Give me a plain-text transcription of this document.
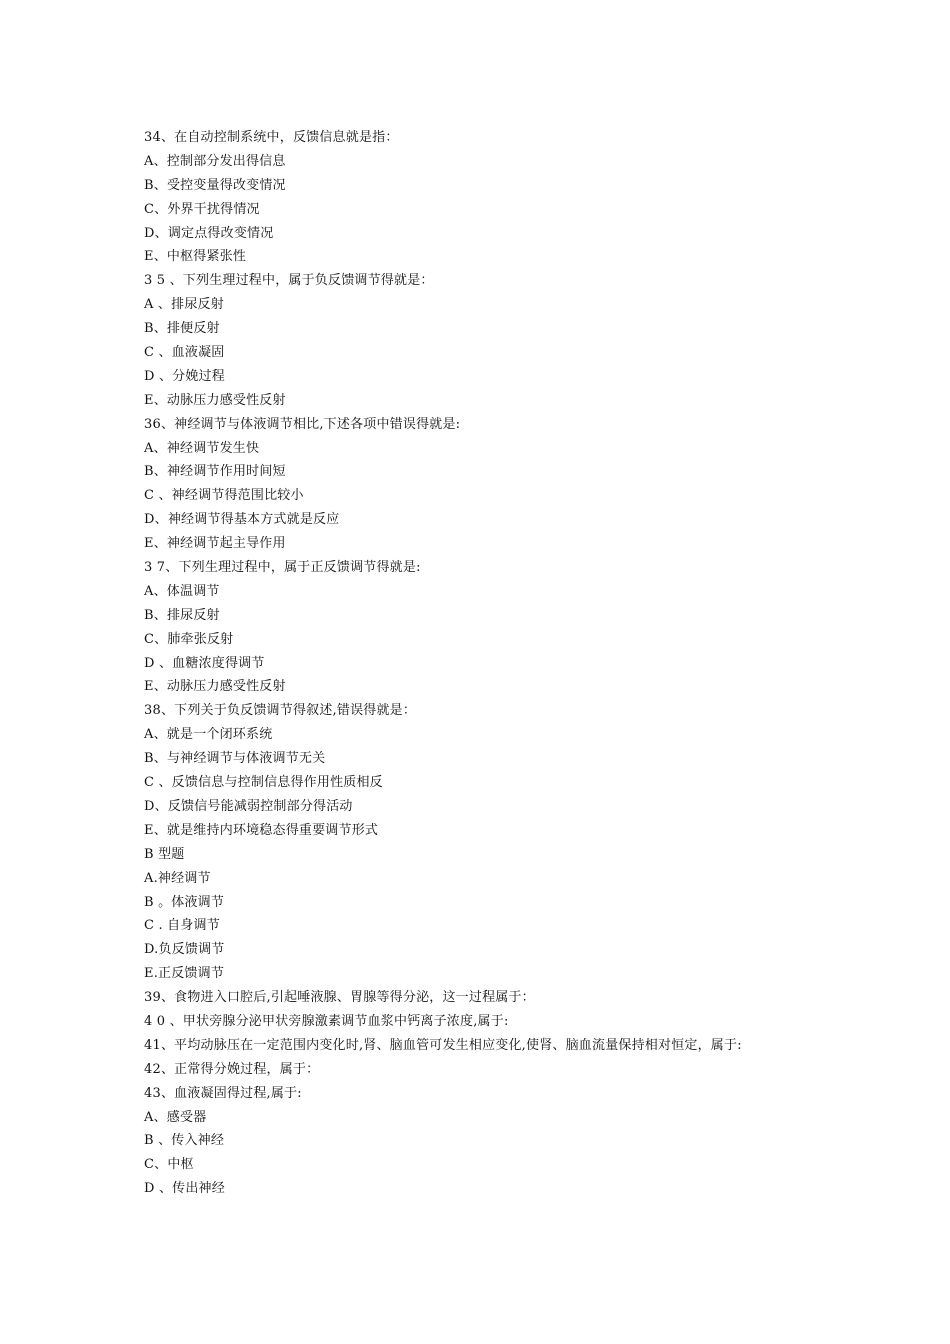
34、在自动控制系统中，反馈信息就是指：
A、控制部分发出得信息
B、受控变量得改变情况
C、外界干扰得情况
D、调定点得改变情况
E、中枢得紧张性
3 5 、下列生理过程中，属于负反馈调节得就是：
A 、排尿反射
B、排便反射
C 、血液凝固
D 、分娩过程
E、动脉压力感受性反射
36、神经调节与体液调节相比,下述各项中错误得就是:
A、神经调节发生快
B、神经调节作用时间短
C 、神经调节得范围比较小
D、神经调节得基本方式就是反应
E、神经调节起主导作用
3 7、下列生理过程中，属于正反馈调节得就是:
A、体温调节
B、排尿反射
C、肺牵张反射
D 、血糖浓度得调节
E、动脉压力感受性反射
38、下列关于负反馈调节得叙述,错误得就是：
A、就是一个闭环系统
B、与神经调节与体液调节无关
C 、反馈信息与控制信息得作用性质相反
D、反馈信号能减弱控制部分得活动
E、就是维持内环境稳态得重要调节形式
B 型题
A.神经调节
B 。体液调节
C . 自身调节
D.负反馈调节
E.正反馈调节
39、食物进入口腔后,引起唾液腺、胃腺等得分泌，这一过程属于：
4 0 、甲状旁腺分泌甲状旁腺激素调节血浆中钙离子浓度,属于:
41、平均动脉压在一定范围内变化时,肾、脑血管可发生相应变化,使肾、脑血流量保持相对恒定，属于:
42、正常得分娩过程，属于：
43、血液凝固得过程,属于:
A、感受器
B 、传入神经
C、中枢
D 、传出神经
